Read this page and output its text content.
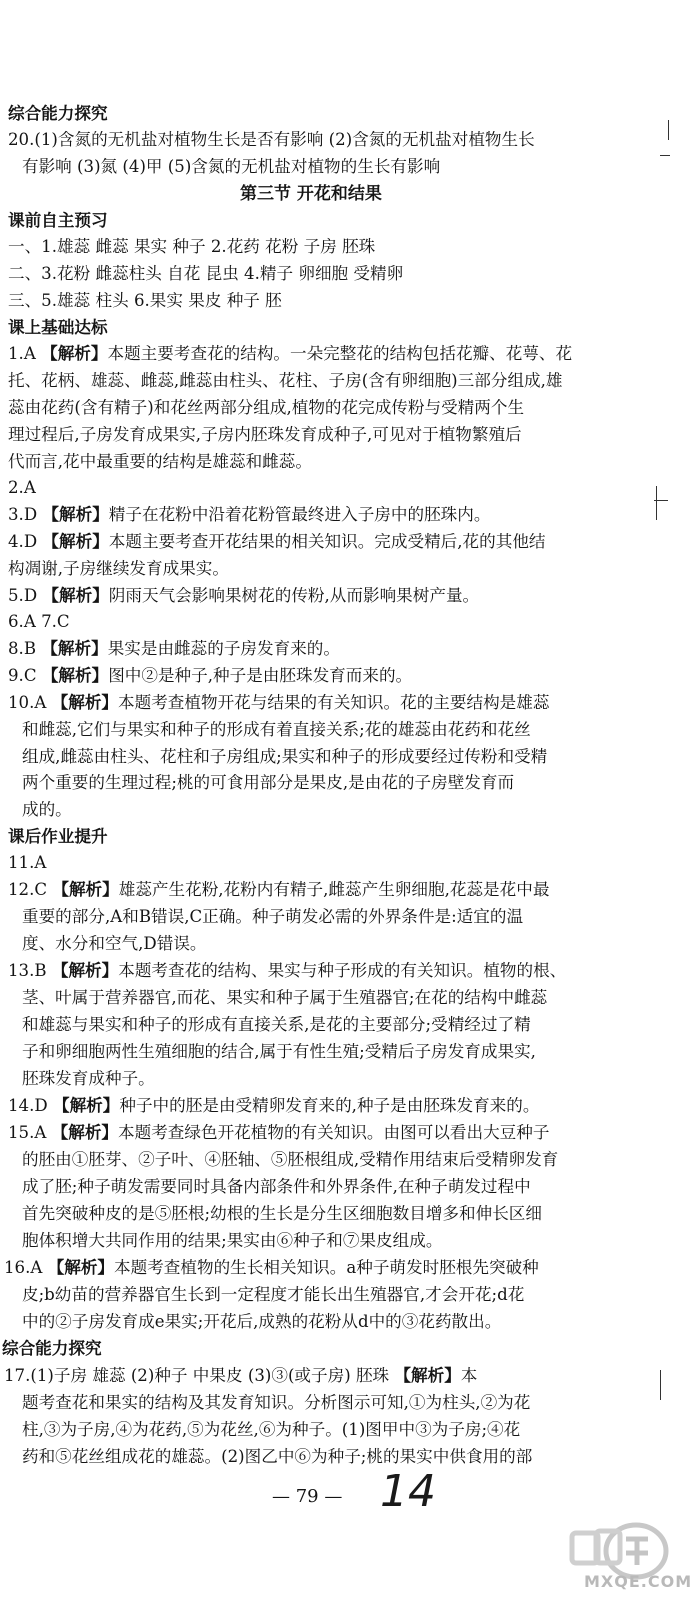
综合能力探究
20.(1)含氮的无机盐对植物生长是否有影响 (2)含氮的无机盐对植物生长
有影响 (3)氮 (4)甲 (5)含氮的无机盐对植物的生长有影响
第三节 开花和结果
课前自主预习
一、1.雄蕊 雌蕊 果实 种子 2.花药 花粉 子房 胚珠
二、3.花粉 雌蕊柱头 自花 昆虫 4.精子 卵细胞 受精卵
三、5.雄蕊 柱头 6.果实 果皮 种子 胚
课上基础达标
1.A 【解析】本题主要考查花的结构。一朵完整花的结构包括花瓣、花萼、花
托、花柄、雄蕊、雌蕊,雌蕊由柱头、花柱、子房(含有卵细胞)三部分组成,雄
蕊由花药(含有精子)和花丝两部分组成,植物的花完成传粉与受精两个生
理过程后,子房发育成果实,子房内胚珠发育成种子,可见对于植物繁殖后
代而言,花中最重要的结构是雄蕊和雌蕊。
2.A
3.D 【解析】精子在花粉中沿着花粉管最终进入子房中的胚珠内。
4.D 【解析】本题主要考查开花结果的相关知识。完成受精后,花的其他结
构凋谢,子房继续发育成果实。
5.D 【解析】阴雨天气会影响果树花的传粉,从而影响果树产量。
6.A 7.C
8.B 【解析】果实是由雌蕊的子房发育来的。
9.C 【解析】图中②是种子,种子是由胚珠发育而来的。
10.A 【解析】本题考查植物开花与结果的有关知识。花的主要结构是雄蕊
和雌蕊,它们与果实和种子的形成有着直接关系;花的雄蕊由花药和花丝
组成,雌蕊由柱头、花柱和子房组成;果实和种子的形成要经过传粉和受精
两个重要的生理过程;桃的可食用部分是果皮,是由花的子房壁发育而
成的。
课后作业提升
11.A
12.C 【解析】雄蕊产生花粉,花粉内有精子,雌蕊产生卵细胞,花蕊是花中最
重要的部分,A和B错误,C正确。种子萌发必需的外界条件是:适宜的温
度、水分和空气,D错误。
13.B 【解析】本题考查花的结构、果实与种子形成的有关知识。植物的根、
茎、叶属于营养器官,而花、果实和种子属于生殖器官;在花的结构中雌蕊
和雄蕊与果实和种子的形成有直接关系,是花的主要部分;受精经过了精
子和卵细胞两性生殖细胞的结合,属于有性生殖;受精后子房发育成果实,
胚珠发育成种子。
14.D 【解析】种子中的胚是由受精卵发育来的,种子是由胚珠发育来的。
15.A 【解析】本题考查绿色开花植物的有关知识。由图可以看出大豆种子
的胚由①胚芽、②子叶、④胚轴、⑤胚根组成,受精作用结束后受精卵发育
成了胚;种子萌发需要同时具备内部条件和外界条件,在种子萌发过程中
首先突破种皮的是⑤胚根;幼根的生长是分生区细胞数目增多和伸长区细
胞体积增大共同作用的结果;果实由⑥种子和⑦果皮组成。
16.A 【解析】本题考查植物的生长相关知识。a种子萌发时胚根先突破种
皮;b幼苗的营养器官生长到一定程度才能长出生殖器官,才会开花;d花
中的②子房发育成e果实;开花后,成熟的花粉从d中的③花药散出。
综合能力探究
17.(1)子房 雄蕊 (2)种子 中果皮 (3)③(或子房) 胚珠 【解析】本
题考查花和果实的结构及其发育知识。分析图示可知,①为柱头,②为花
柱,③为子房,④为花药,⑤为花丝,⑥为种子。(1)图甲中③为子房;④花
药和⑤花丝组成花的雄蕊。(2)图乙中⑥为种子;桃的果实中供食用的部
— 79 — 14
MXQE.COM
